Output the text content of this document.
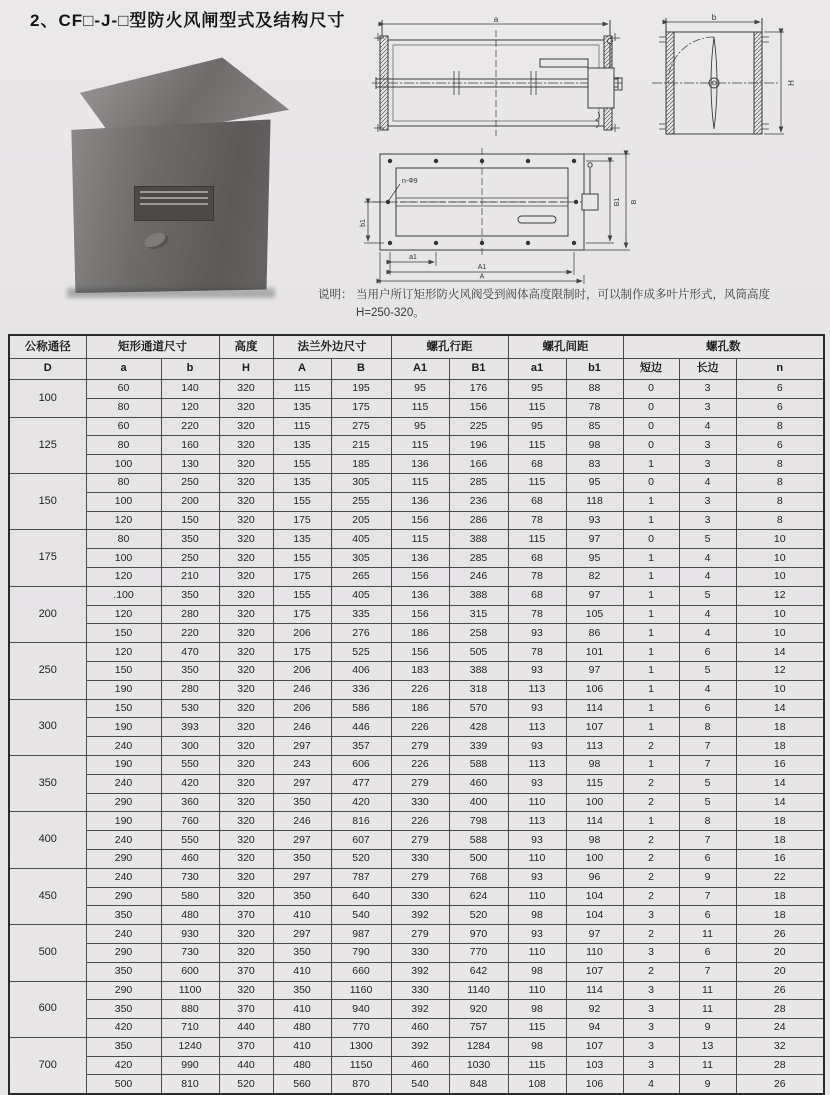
2、CF□-J-□型防火风闸型式及结构尺寸	a	b
H
n-Φ9
b1
a1
A1
A
B1 B
说明： 当用户所订矩形防火风阀受到阀体高度限制时，可以制作成多叶片形式，风筒高度H=250-320。
公称通径	矩形通道尺寸		高度	法兰外边尺寸		螺孔行距		螺孔间距		螺孔数		
D	a	b	H	A	B	A1	B1	a1	b1	短边	长边	n
100	60	140	320	115	195	95	176	95	88	0	3	6
	80	120	320	135	175	115	156	115	78	0	3	6
125	60	220	320	115	275	95	225	95	85	0	4	8
	80	160	320	135	215	115	196	115	98	0	3	6
	100	130	320	155	185	136	166	68	83	1	3	8
150	80	250	320	135	305	115	285	115	95	0	4	8
	100	200	320	155	255	136	236	68	118	1	3	8
	120	150	320	175	205	156	286	78	93	1	3	8
175	80	350	320	135	405	115	388	115	97	0	5	10
	100	250	320	155	305	136	285	68	95	1	4	10
	120	210	320	175	265	156	246	78	82	1	4	10
200	.100	350	320	155	405	136	388	68	97	1	5	12
	120	280	320	175	335	156	315	78	105	1	4	10
	150	220	320	206	276	186	258	93	86	1	4	10
250	120	470	320	175	525	156	505	78	101	1	6	14
	150	350	320	206	406	183	388	93	97	1	5	12
	190	280	320	246	336	226	318	113	106	1	4	10
300	150	530	320	206	586	186	570	93	114	1	6	14
	190	393	320	246	446	226	428	113	107	1	8	18
	240	300	320	297	357	279	339	93	113	2	7	18
350	190	550	320	243	606	226	588	113	98	1	7	16
	240	420	320	297	477	279	460	93	115	2	5	14
	290	360	320	350	420	330	400	110	100	2	5	14
400	190	760	320	246	816	226	798	113	114	1	8	18
	240	550	320	297	607	279	588	93	98	2	7	18
	290	460	320	350	520	330	500	110	100	2	6	16
450	240	730	320	297	787	279	768	93	96	2	9	22
	290	580	320	350	640	330	624	110	104	2	7	18
	350	480	370	410	540	392	520	98	104	3	6	18
500	240	930	320	297	987	279	970	93	97	2	11	26
	290	730	320	350	790	330	770	110	110	3	6	20
	350	600	370	410	660	392	642	98	107	2	7	20
600	290	1100	320	350	1160	330	1140	110	114	3	11	26
	350	880	370	410	940	392	920	98	92	3	11	28
	420	710	440	480	770	460	757	115	94	3	9	24
700	350	1240	370	410	1300	392	1284	98	107	3	13	32
	420	990	440	480	1150	460	1030	115	103	3	11	28
	500	810	520	560	870	540	848	108	106	4	9	26
